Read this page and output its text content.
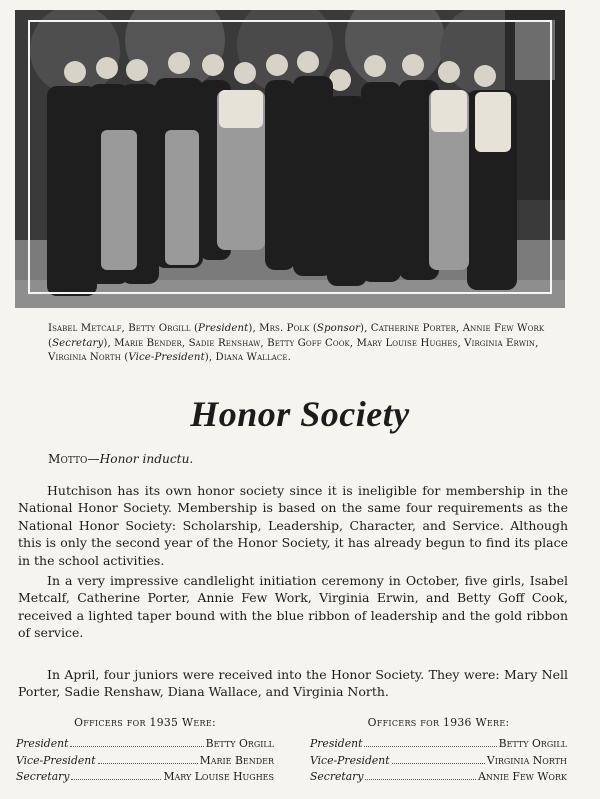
Isabel Metcalf, Betty Orgill (President), Mrs. Polk (Sponsor), Catherine Porter, Annie Few Work (Secretary), Marie Bender, Sadie Renshaw, Betty Goff Cook, Mary Louise Hughes, Virginia Erwin, Virginia North (Vice-President), Diana Wallace.
Honor Society
Motto—Honor inductu.

Hutchison has its own honor society since it is ineligible for membership in the National Honor Society. Membership is based on the same four requirements as the National Honor Society: Scholarship, Leadership, Character, and Service. Although this is only the second year of the Honor Society, it has already begun to find its place in the school activities.

In a very impressive candlelight initiation ceremony in October, five girls, Isabel Metcalf, Catherine Porter, Annie Few Work, Virginia Erwin, and Betty Goff Cook, received a lighted taper bound with the blue ribbon of leadership and the gold ribbon of service.

In April, four juniors were received into the Honor Society. They were: Mary Nell Porter, Sadie Renshaw, Diana Wallace, and Virginia North.

Officers for 1935 Were:
President	Betty Orgill
Vice-President	Marie Bender
Secretary	Mary Louise Hughes
Officers for 1936 Were:
President	Betty Orgill
Vice-President	Virginia North
Secretary	Annie Few Work
